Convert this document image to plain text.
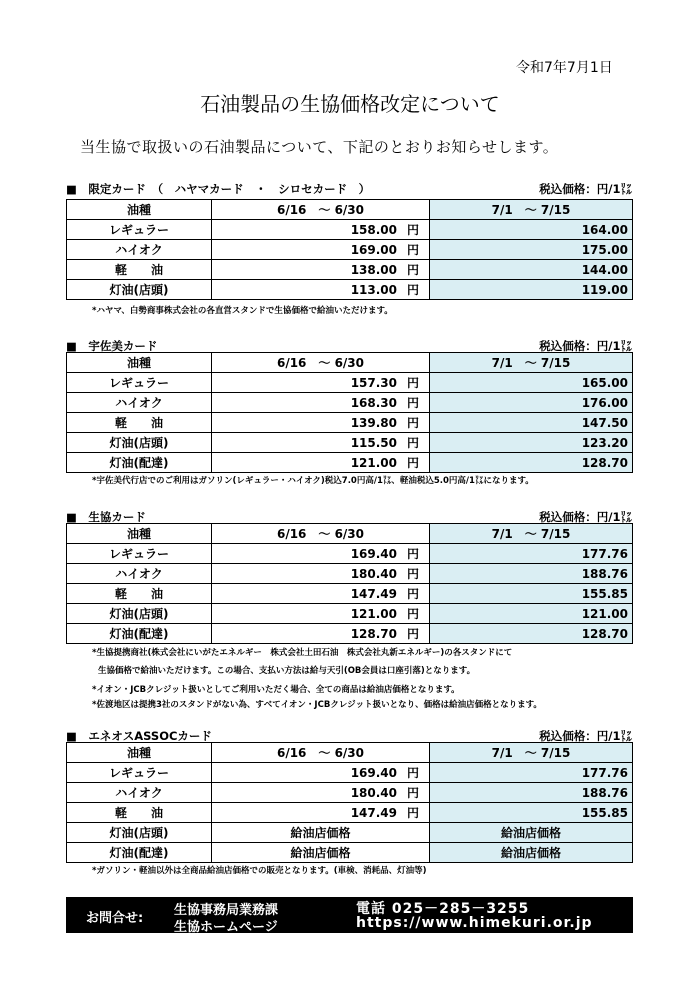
令和7年7月1日
石油製品の生協価格改定について
当生協で取扱いの石油製品について、下記のとおりお知らせします。
■　限定カード　（　ハヤマカード　・　シロセカード　）	税込価格：円/1㍑
油種	6/16　～ 6/30	7/1　～ 7/15
レギュラー	158.00 円	164.00
ハイオク	169.00 円	175.00
軽　　油	138.00 円	144.00
灯油(店頭)	113.00 円	119.00
*ハヤマ、白勢商事株式会社の各直営スタンドで生協価格で給油いただけます。
■　宇佐美カード	税込価格：円/1㍑
油種	6/16　～ 6/30	7/1　～ 7/15
レギュラー	157.30 円	165.00
ハイオク	168.30 円	176.00
軽　　油	139.80 円	147.50
灯油(店頭)	115.50 円	123.20
灯油(配達)	121.00 円	128.70
*宇佐美代行店でのご利用はガソリン(レギュラー・ハイオク)税込7.0円高/1㍑、軽油税込5.0円高/1㍑になります。
■　生協カード	税込価格：円/1㍑
油種	6/16　～ 6/30	7/1　～ 7/15
レギュラー	169.40 円	177.76
ハイオク	180.40 円	188.76
軽　　油	147.49 円	155.85
灯油(店頭)	121.00 円	121.00
灯油(配達)	128.70 円	128.70
*生協提携商社(株式会社にいがたエネルギー　株式会社土田石油　株式会社丸新エネルギー)の各スタンドにて
生協価格で給油いただけます。この場合、支払い方法は給与天引(OB会員は口座引落)となります。
*イオン・JCBクレジット扱いとしてご利用いただく場合、全ての商品は給油店価格となります。
*佐渡地区は提携3社のスタンドがない為、すべてイオン・JCBクレジット扱いとなり、価格は給油店価格となります。
■　エネオスASSOCカード	税込価格：円/1㍑
油種	6/16　～ 6/30	7/1　～ 7/15
レギュラー	169.40 円	177.76
ハイオク	180.40 円	188.76
軽　　油	147.49 円	155.85
灯油(店頭)	給油店価格	給油店価格
灯油(配達)	給油店価格	給油店価格
*ガソリン・軽油以外は全商品給油店価格での販売となります。(車検、消耗品、灯油等)
お問合せ:
生協事務局業務課
生協ホームページ
電話 025－285－3255
https://www.himekuri.or.jp
